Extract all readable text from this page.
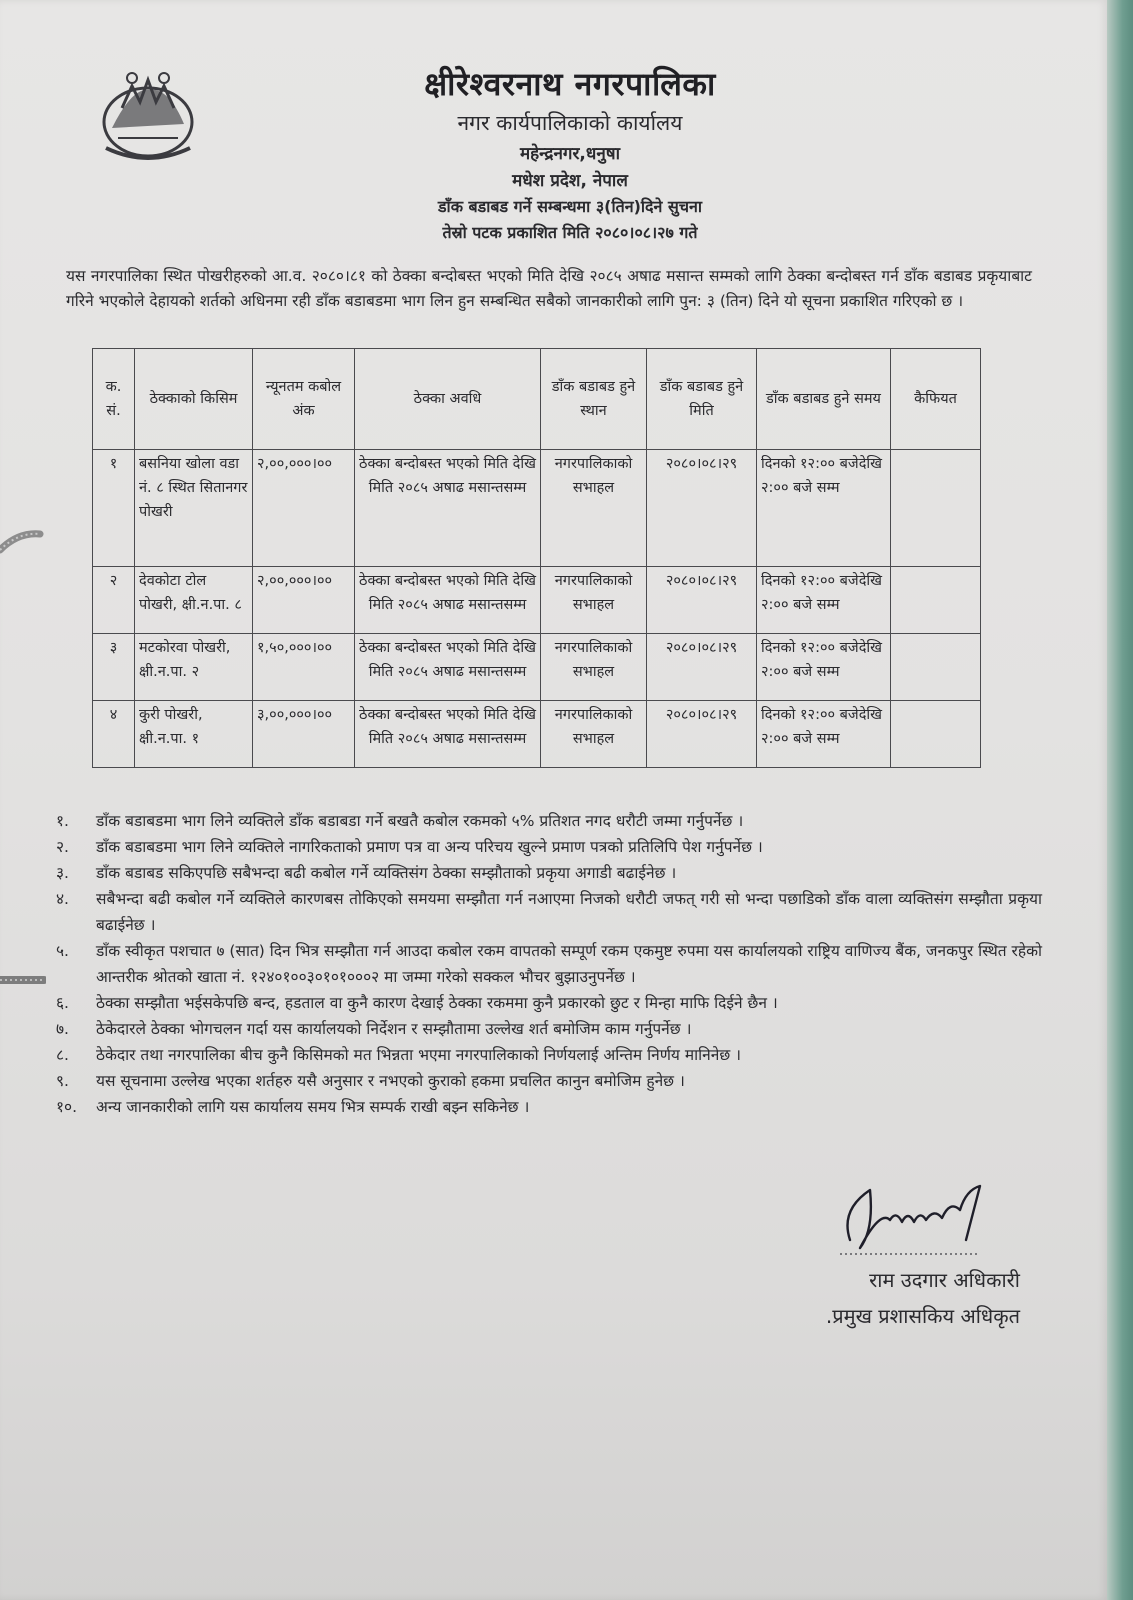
क्षीरेश्वरनाथ नगरपालिका
नगर कार्यपालिकाको कार्यालय
महेन्द्रनगर,धनुषा
मधेश प्रदेश, नेपाल
डाँक बडाबड गर्ने सम्बन्धमा ३(तिन)दिने सुचना
तेस्रो पटक प्रकाशित मिति २०८०।०८।२७ गते
यस नगरपालिका स्थित पोखरीहरुको आ.व. २०८०।८१ को ठेक्का बन्दोबस्त भएको मिति देखि २०८५ अषाढ मसान्त सम्मको लागि ठेक्का बन्दोबस्त गर्न डाँक बडाबड प्रकृयाबाट गरिने भएकोले देहायको शर्तको अधिनमा रही डाँक बडाबडमा भाग लिन हुन सम्बन्धित सबैको जानकारीको लागि पुन: ३ (तिन) दिने यो सूचना प्रकाशित गरिएको छ ।
क. सं.	ठेक्काको किसिम	न्यूनतम कबोल अंक	ठेक्का अवधि	डाँक बडाबड हुने स्थान	डाँक बडाबड हुने मिति	डाँक बडाबड हुने समय	कैफियत
१	बसनिया खोला वडा नं. ८ स्थित सितानगर पोखरी	२,००,०००।००	ठेक्का बन्दोबस्त भएको मिति देखि मिति २०८५ अषाढ मसान्तसम्म	नगरपालिकाको सभाहल	२०८०।०८।२९	दिनको १२:०० बजेदेखि २:०० बजे सम्म	
२	देवकोटा टोल पोखरी, क्षी.न.पा. ८	२,००,०००।००	ठेक्का बन्दोबस्त भएको मिति देखि मिति २०८५ अषाढ मसान्तसम्म	नगरपालिकाको सभाहल	२०८०।०८।२९	दिनको १२:०० बजेदेखि २:०० बजे सम्म	
३	मटकोरवा पोखरी, क्षी.न.पा. २	१,५०,०००।००	ठेक्का बन्दोबस्त भएको मिति देखि मिति २०८५ अषाढ मसान्तसम्म	नगरपालिकाको सभाहल	२०८०।०८।२९	दिनको १२:०० बजेदेखि २:०० बजे सम्म	
४	कुरी पोखरी, क्षी.न.पा. १	३,००,०००।००	ठेक्का बन्दोबस्त भएको मिति देखि मिति २०८५ अषाढ मसान्तसम्म	नगरपालिकाको सभाहल	२०८०।०८।२९	दिनको १२:०० बजेदेखि २:०० बजे सम्म	
१.	डाँक बडाबडमा भाग लिने व्यक्तिले डाँक बडाबडा गर्ने बखतै कबोल रकमको ५% प्रतिशत नगद धरौटी जम्मा गर्नुपर्नेछ ।
२.	डाँक बडाबडमा भाग लिने व्यक्तिले नागरिकताको प्रमाण पत्र वा अन्य परिचय खुल्ने प्रमाण पत्रको प्रतिलिपि पेश गर्नुपर्नेछ ।
३.	डाँक बडाबड सकिएपछि सबैभन्दा बढी कबोल गर्ने व्यक्तिसंग ठेक्का सम्झौताको प्रकृया अगाडी बढाईनेछ ।
४.	सबैभन्दा बढी कबोल गर्ने व्यक्तिले कारणबस तोकिएको समयमा सम्झौता गर्न नआएमा निजको धरौटी जफत् गरी सो भन्दा पछाडिको डाँक वाला व्यक्तिसंग सम्झौता प्रकृया बढाईनेछ ।
५.	डाँक स्वीकृत पशचात ७ (सात) दिन भित्र सम्झौता गर्न आउदा कबोल रकम वापतको सम्पूर्ण रकम एकमुष्ट रुपमा यस कार्यालयको राष्ट्रिय वाणिज्य बैंक, जनकपुर स्थित रहेको आन्तरीक श्रोतको खाता नं. १२४०१००३०१०१०००२ मा जम्मा गरेको सक्कल भौचर बुझाउनुपर्नेछ ।
६.	ठेक्का सम्झौता भईसकेपछि बन्द, हडताल वा कुनै कारण देखाई ठेक्का रकममा कुनै प्रकारको छुट र मिन्हा माफि दिईने छैन ।
७.	ठेकेदारले ठेक्का भोगचलन गर्दा यस कार्यालयको निर्देशन र सम्झौतामा उल्लेख शर्त बमोजिम काम गर्नुपर्नेछ ।
८.	ठेकेदार तथा नगरपालिका बीच कुनै किसिमको मत भिन्नता भएमा नगरपालिकाको निर्णयलाई अन्तिम निर्णय मानिनेछ ।
९.	यस सूचनामा उल्लेख भएका शर्तहरु यसै अनुसार र नभएको कुराको हकमा प्रचलित कानुन बमोजिम हुनेछ ।
१०.	अन्य जानकारीको लागि यस कार्यालय समय भित्र सम्पर्क राखी बझ्न सकिनेछ ।
राम उदगार अधिकारी
.प्रमुख प्रशासकिय अधिकृत
